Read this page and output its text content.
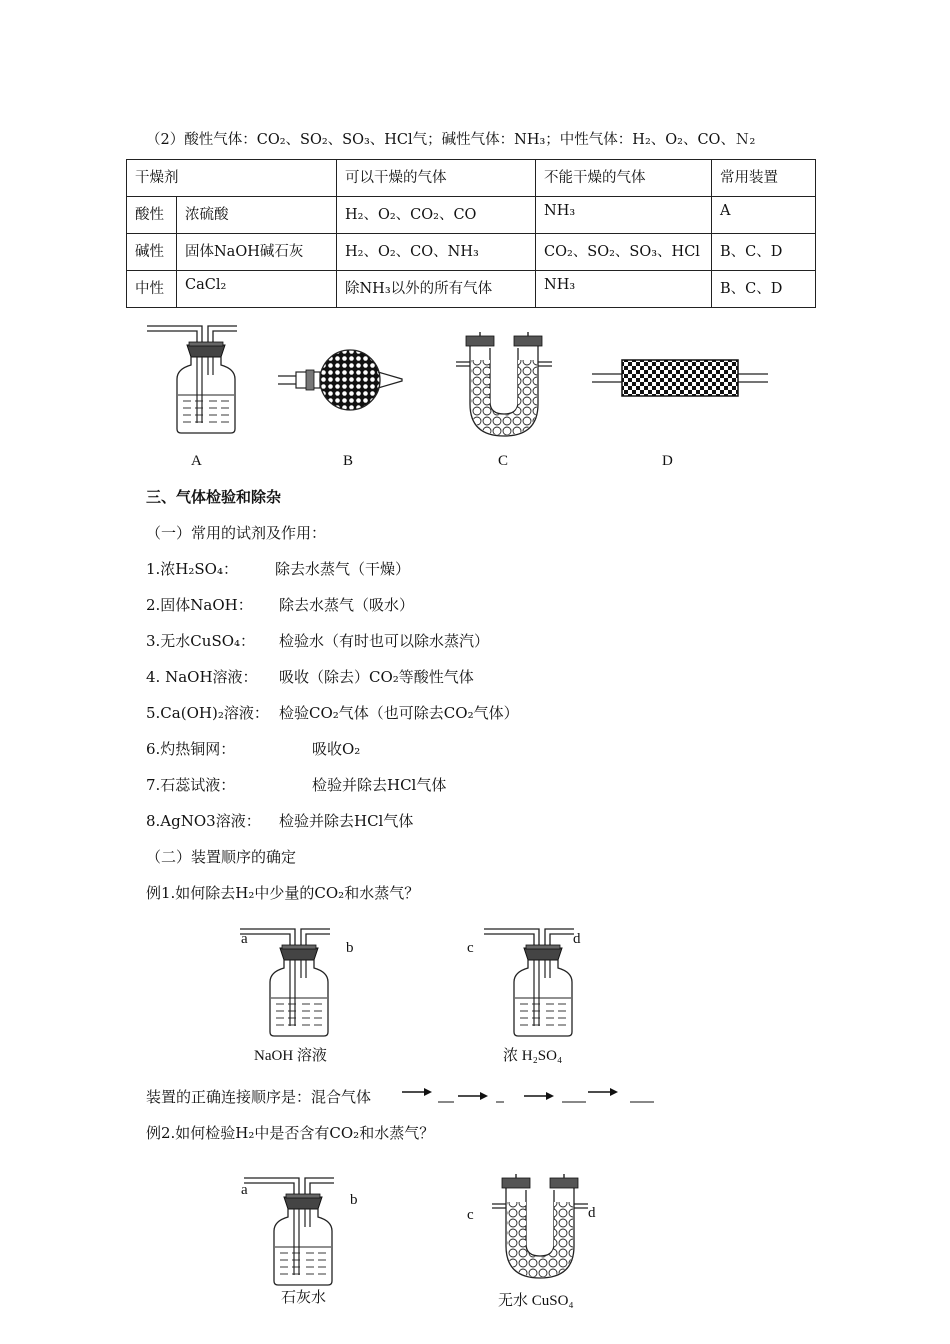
（2）酸性气体：CO₂、SO₂、SO₃、HCl气；碱性气体：NH₃；中性气体：H₂、O₂、CO、Ｎ₂
干燥剂		可以干燥的气体	不能干燥的气体	常用装置
酸性	浓硫酸	H₂、O₂、CO₂、CO	NH₃	A
碱性	固体NaOH碱石灰	H₂、O₂、CO、NH₃	CO₂、SO₂、SO₃、HCl	B、C、D
中性	CaCl₂	除NH₃以外的所有气体	NH₃	B、C、D
A	B	C	D
三、气体检验和除杂
（一）常用的试剂及作用：
1.浓H₂SO₄： 除去水蒸气（干燥）
2.固体NaOH： 除去水蒸气（吸水）
3.无水CuSO₄： 检验水（有时也可以除水蒸汽）
4. NaOH溶液： 吸收（除去）CO₂等酸性气体
5.Ca(OH)₂溶液： 检验CO₂气体（也可除去CO₂气体）
6.灼热铜网：	吸收O₂
7.石蕊试液：	检验并除去HCl气体
8.AgNO3溶液： 检验并除去HCl气体
（二）装置顺序的确定
例1.如何除去H₂中少量的CO₂和水蒸气？
a
b	c
d
NaOH 溶液	浓 H₂SO₄
装置的正确连接顺序是：混合气体
例2.如何检验H₂中是否含有CO₂和水蒸气？
a
b
c	d
石灰水	无水 CuSO₄
